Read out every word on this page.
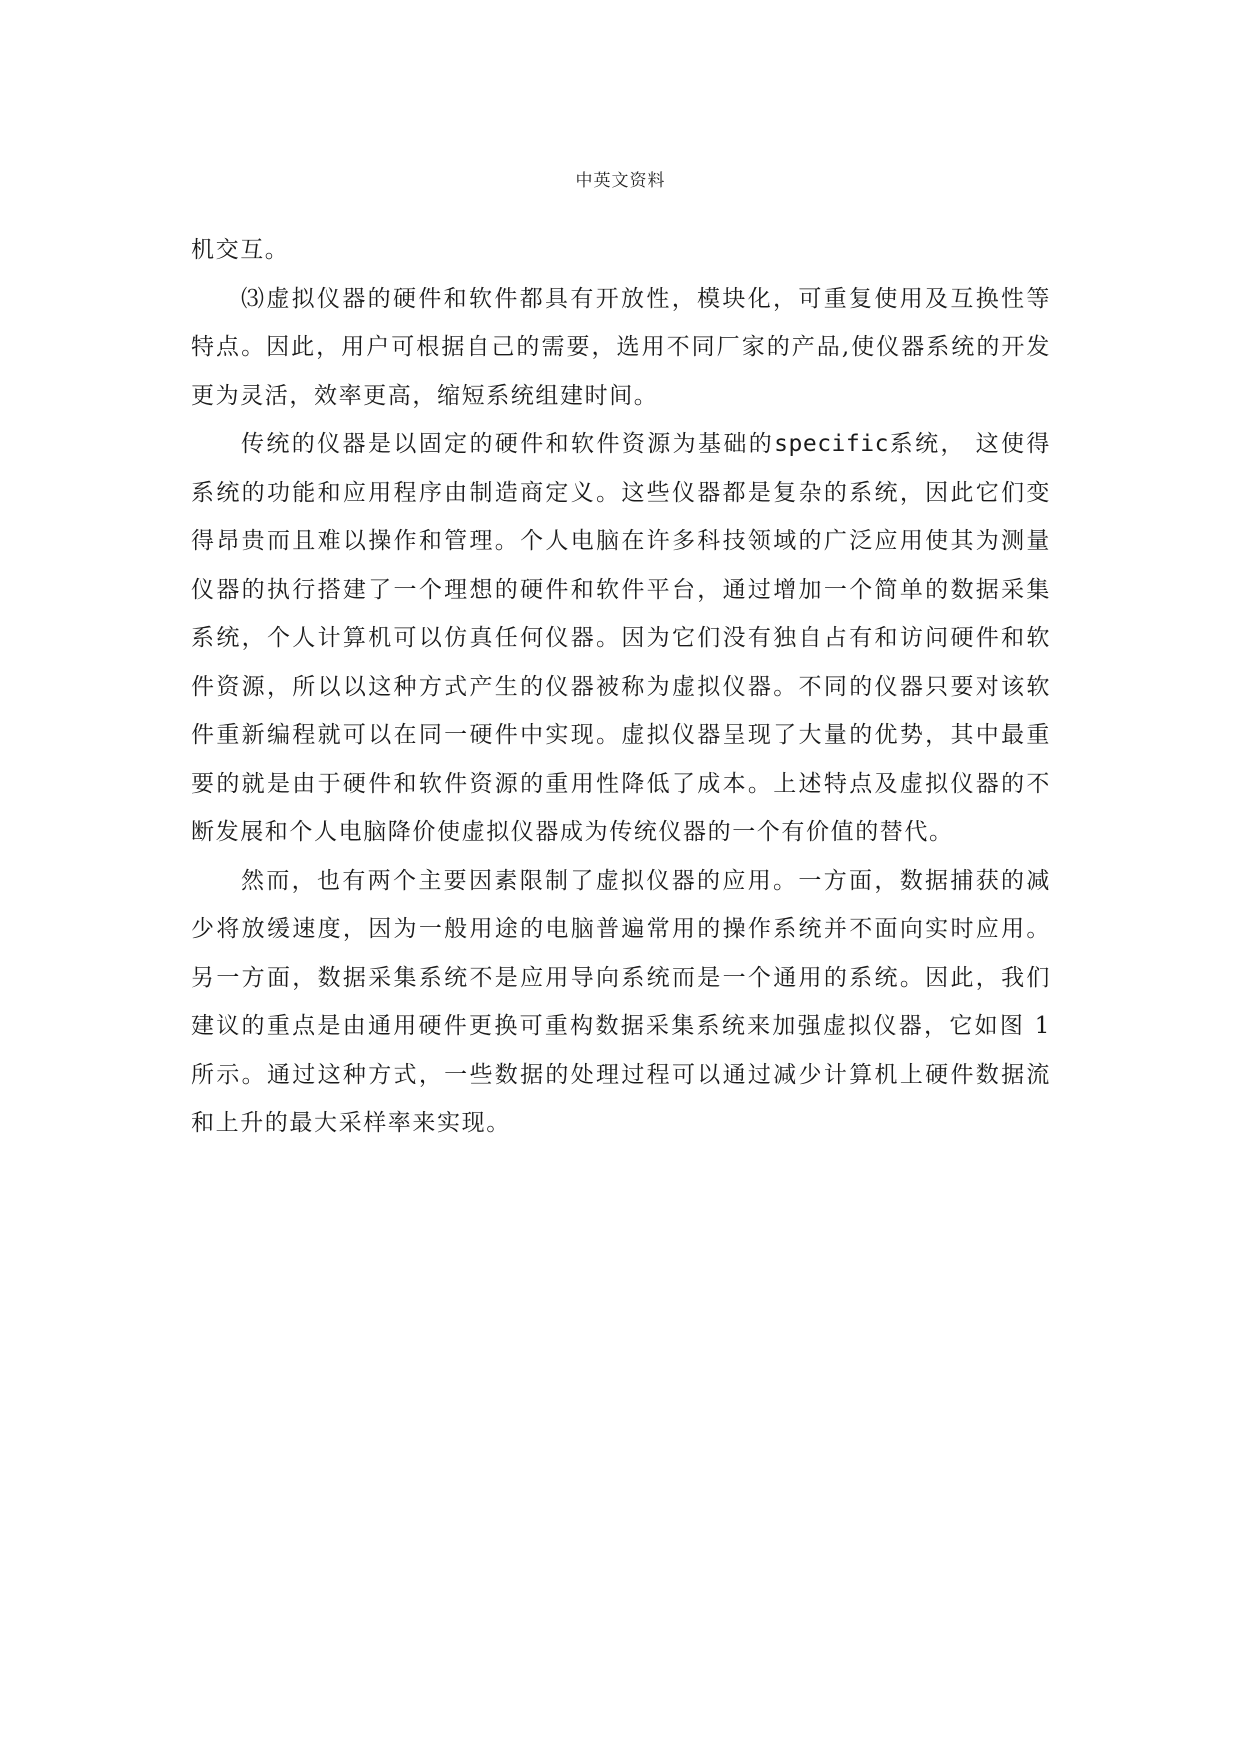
中英文资料

机交互。

⑶虚拟仪器的硬件和软件都具有开放性，模块化，可重复使用及互换性等特点。因此，用户可根据自己的需要，选用不同厂家的产品,使仪器系统的开发更为灵活，效率更高，缩短系统组建时间。

传统的仪器是以固定的硬件和软件资源为基础的specific系统， 这使得系统的功能和应用程序由制造商定义。这些仪器都是复杂的系统，因此它们变得昂贵而且难以操作和管理。个人电脑在许多科技领域的广泛应用使其为测量仪器的执行搭建了一个理想的硬件和软件平台，通过增加一个简单的数据采集系统，个人计算机可以仿真任何仪器。因为它们没有独自占有和访问硬件和软件资源，所以以这种方式产生的仪器被称为虚拟仪器。不同的仪器只要对该软件重新编程就可以在同一硬件中实现。虚拟仪器呈现了大量的优势，其中最重要的就是由于硬件和软件资源的重用性降低了成本。上述特点及虚拟仪器的不断发展和个人电脑降价使虚拟仪器成为传统仪器的一个有价值的替代。

然而，也有两个主要因素限制了虚拟仪器的应用。一方面，数据捕获的减少将放缓速度，因为一般用途的电脑普遍常用的操作系统并不面向实时应用。另一方面，数据采集系统不是应用导向系统而是一个通用的系统。因此，我们建议的重点是由通用硬件更换可重构数据采集系统来加强虚拟仪器，它如图 1 所示。通过这种方式，一些数据的处理过程可以通过减少计算机上硬件数据流和上升的最大采样率来实现。
